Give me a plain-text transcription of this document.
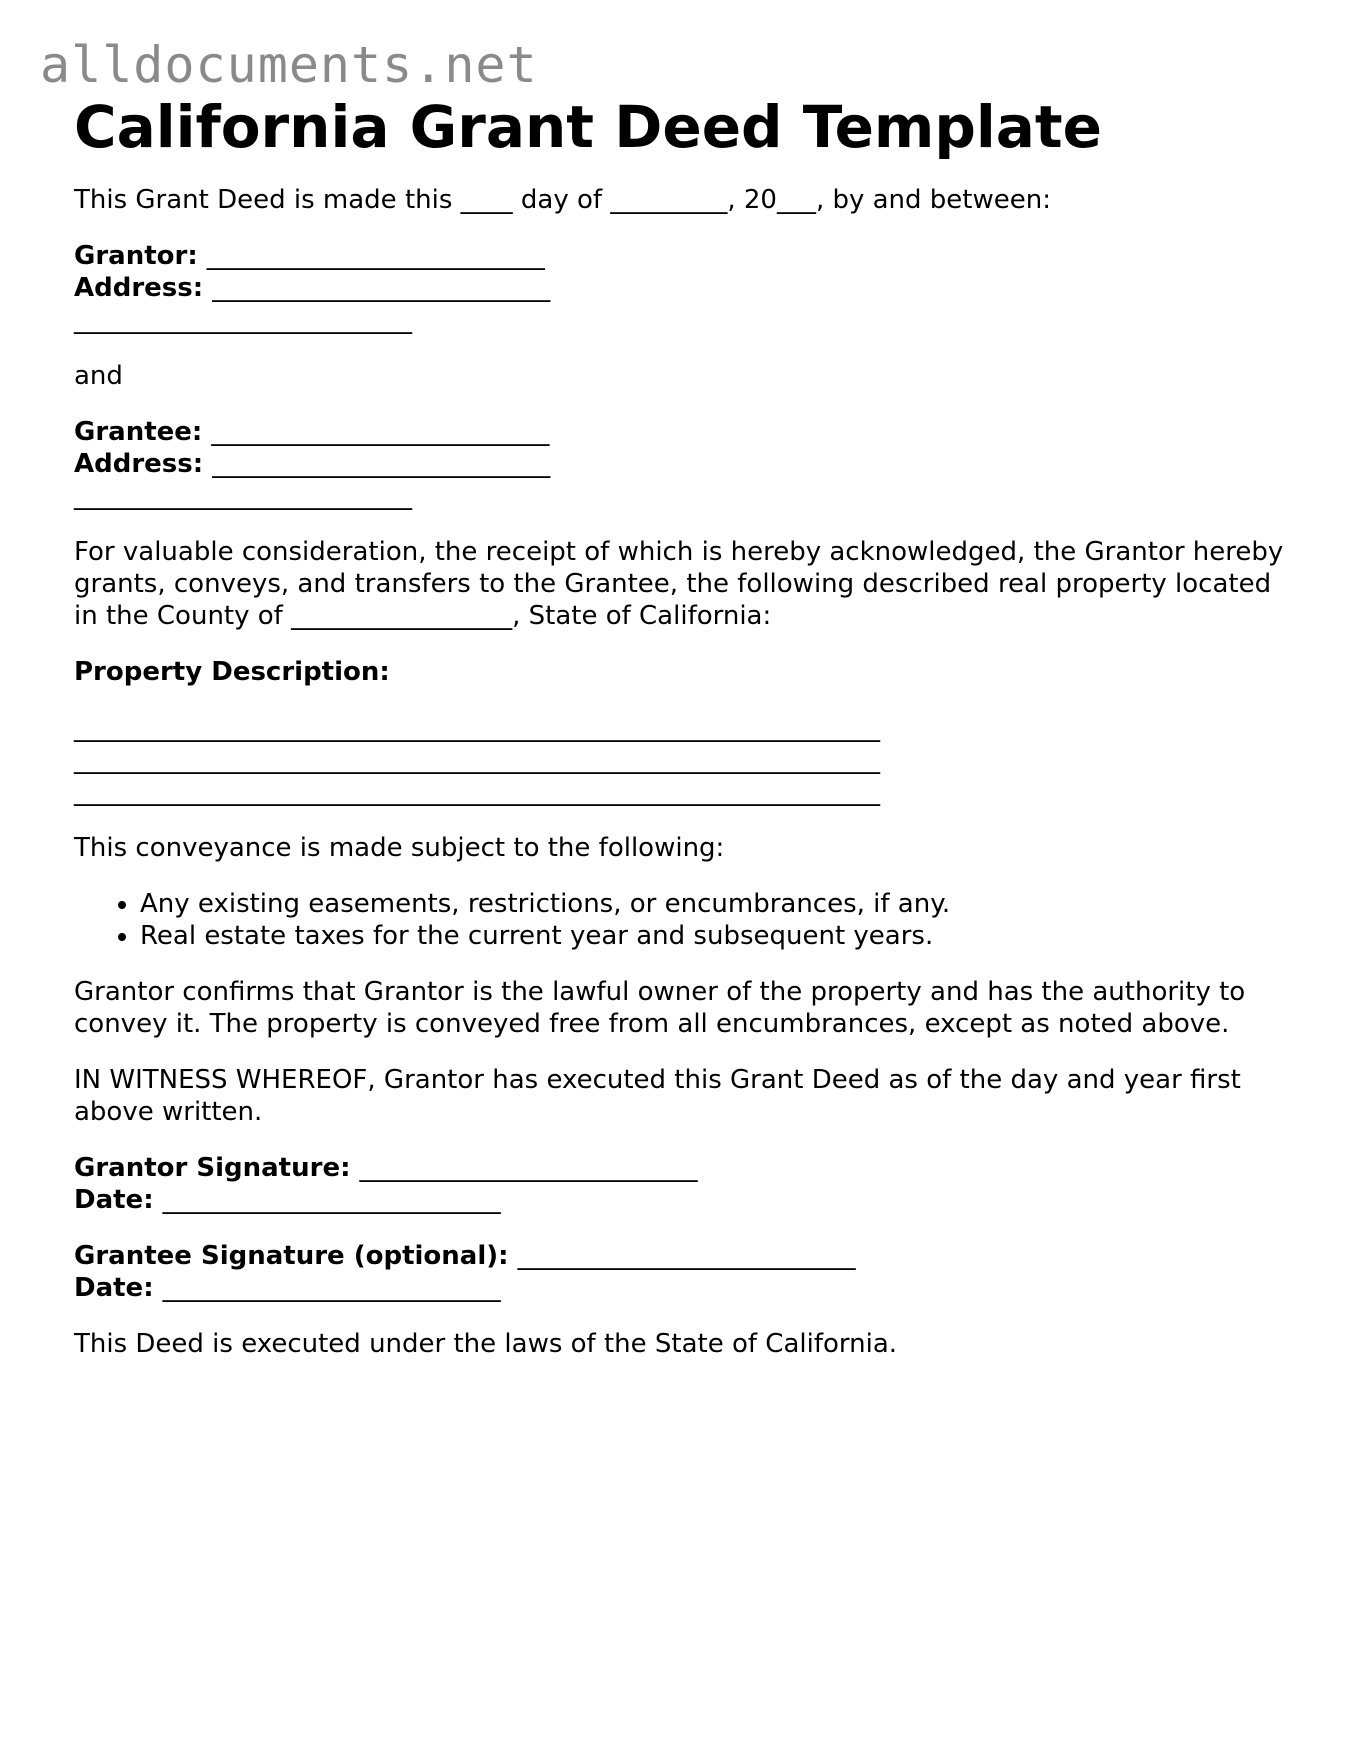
alldocuments.net
California Grant Deed Template

This Grant Deed is made this ____ day of _________, 20___, by and between:

Grantor: __________________________

Address: __________________________

__________________________

and

Grantee: __________________________

Address: __________________________

__________________________

For valuable consideration, the receipt of which is hereby acknowledged, the Grantor hereby grants, conveys, and transfers to the Grantee, the following described real property located in the County of _________________, State of California:

Property Description:

______________________________________________________________

______________________________________________________________

______________________________________________________________

This conveyance is made subject to the following:

• Any existing easements, restrictions, or encumbrances, if any.
• Real estate taxes for the current year and subsequent years.

Grantor confirms that Grantor is the lawful owner of the property and has the authority to convey it. The property is conveyed free from all encumbrances, except as noted above.

IN WITNESS WHEREOF, Grantor has executed this Grant Deed as of the day and year first above written.

Grantor Signature: __________________________

Date: __________________________

Grantee Signature (optional): __________________________

Date: __________________________

This Deed is executed under the laws of the State of California.
